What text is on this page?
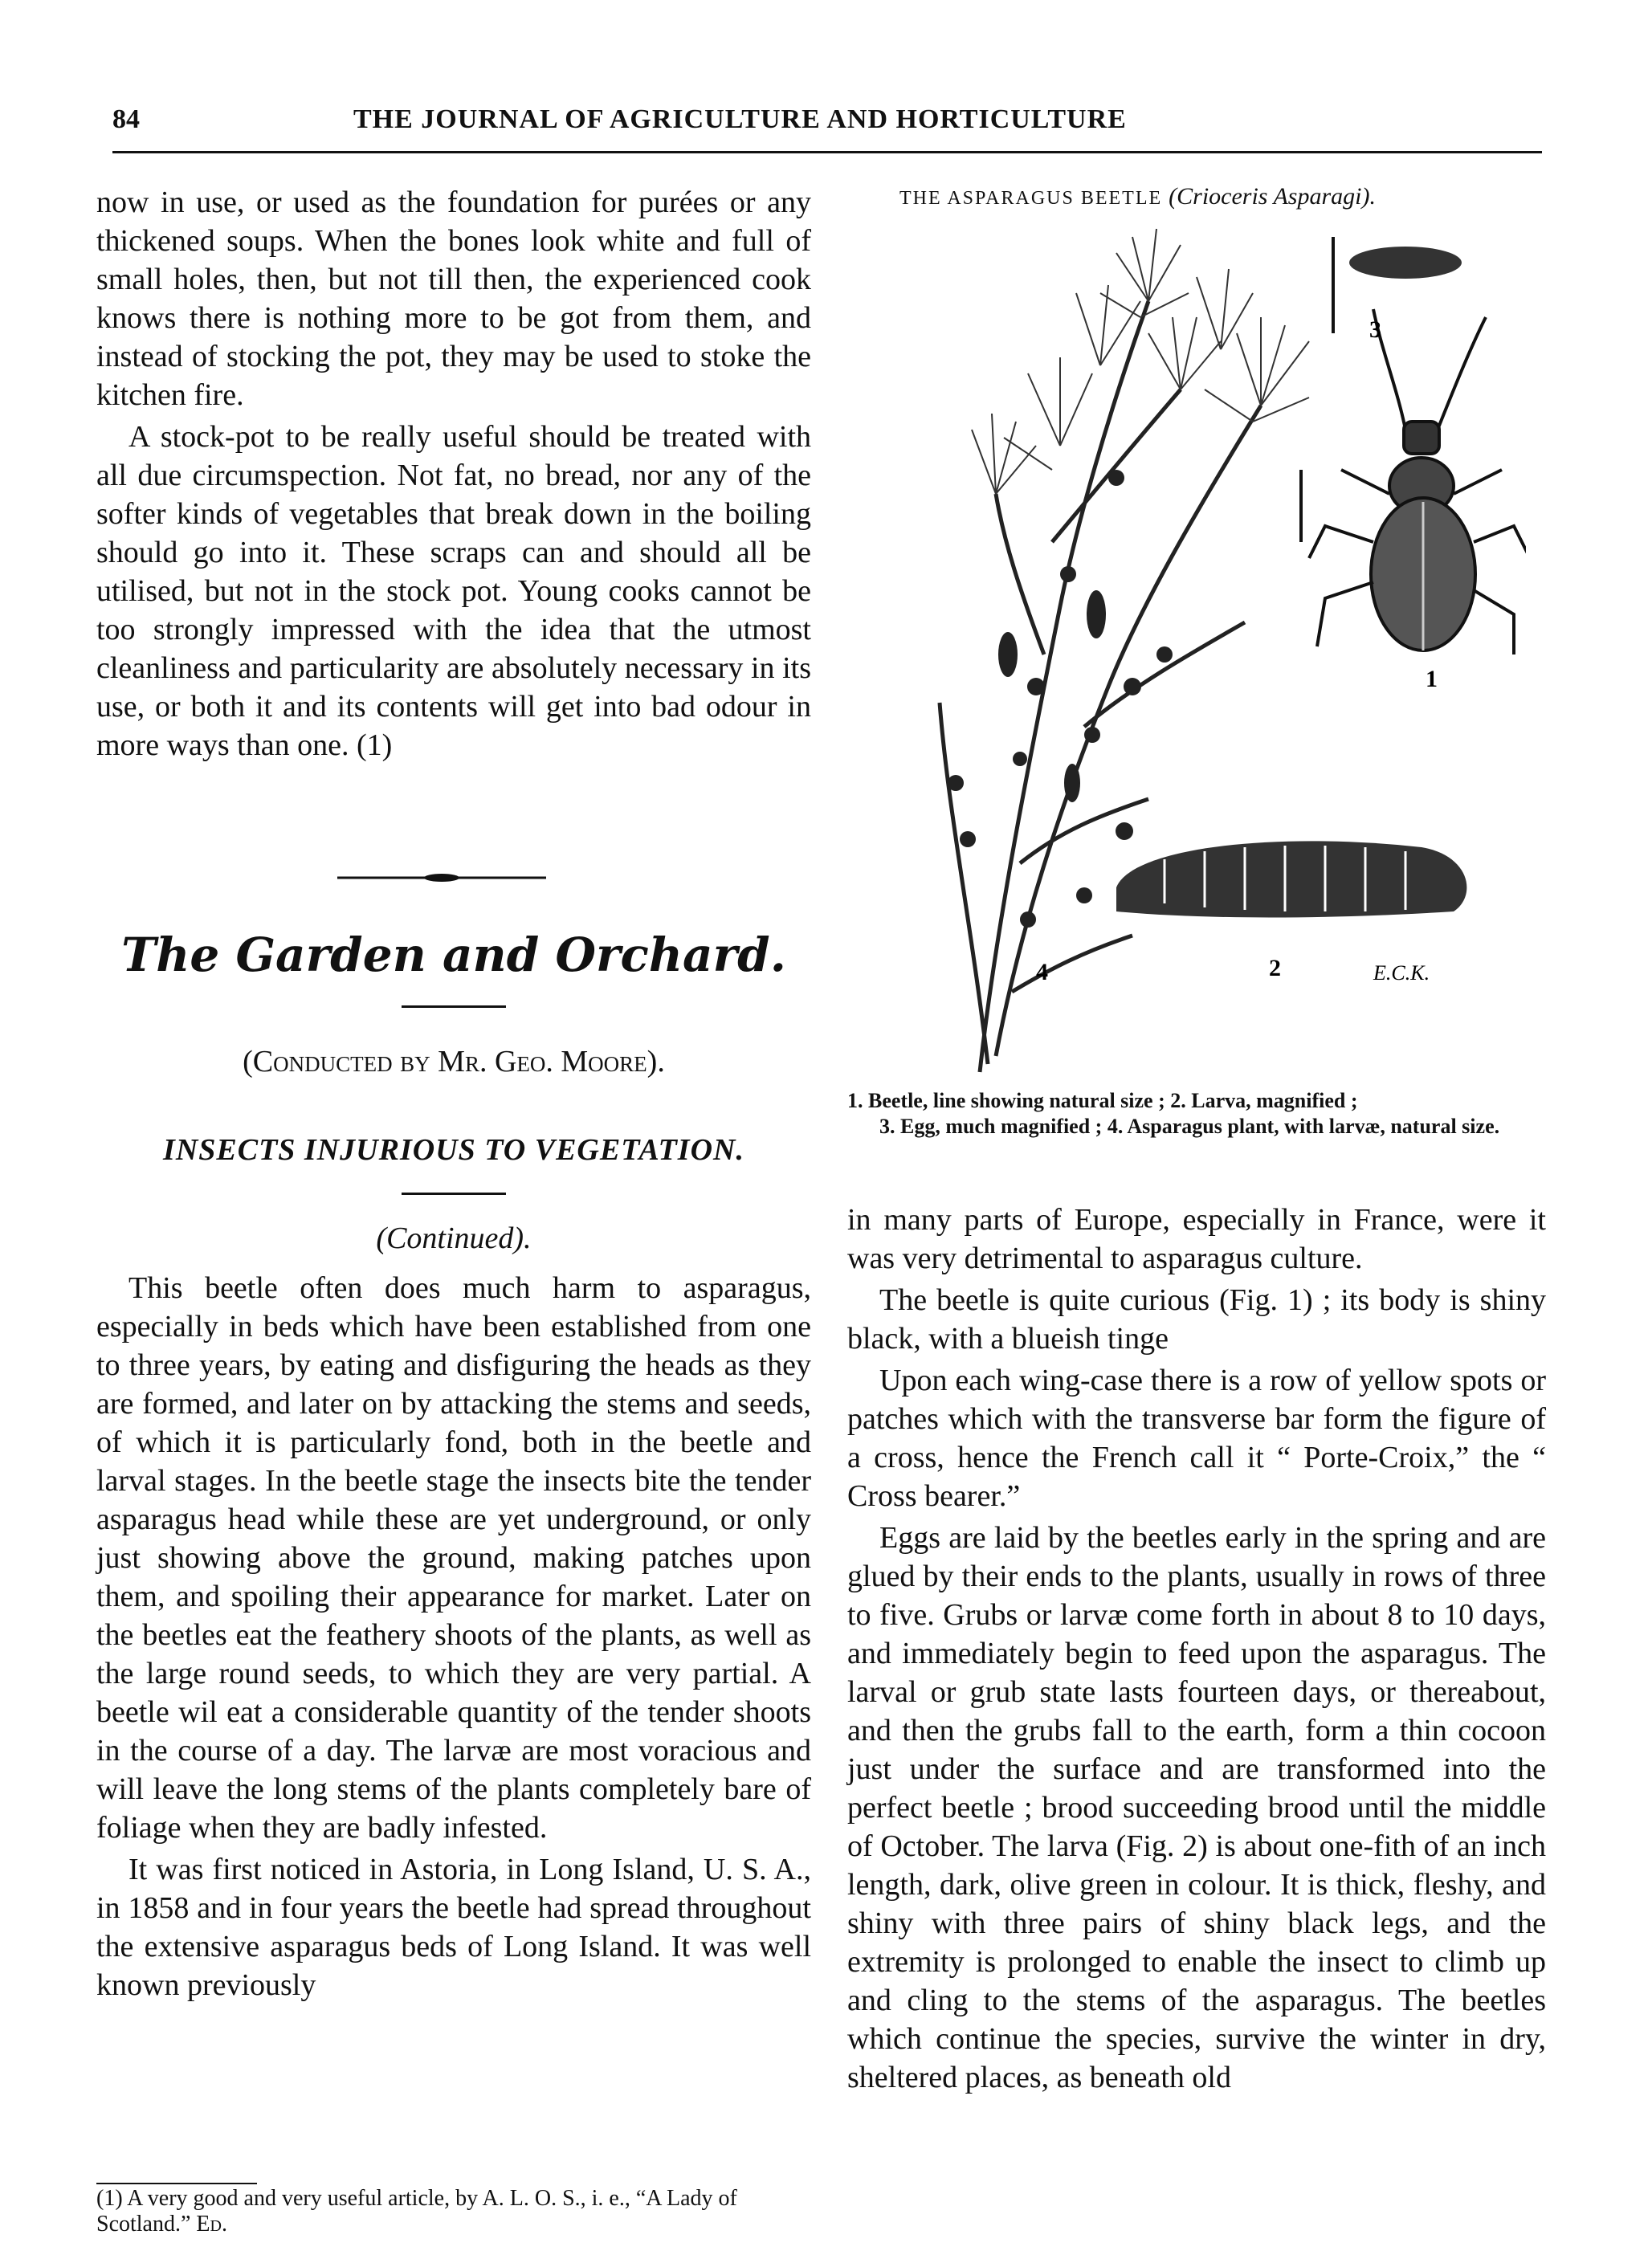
84	THE JOURNAL OF AGRICULTURE AND HORTICULTURE

now in use, or used as the foundation for purées or any thickened soups. When the bones look white and full of small holes, then, but not till then, the experienced cook knows there is nothing more to be got from them, and instead of stocking the pot, they may be used to stoke the kitchen fire.

A stock-pot to be really useful should be treated with all due circumspection. Not fat, no bread, nor any of the softer kinds of vegetables that break down in the boiling should go into it. These scraps can and should all be utilised, but not in the stock pot. Young cooks cannot be too strongly impressed with the idea that the utmost cleanliness and particularity are absolutely necessary in its use, or both it and its contents will get into bad odour in more ways than one. (1)

The Garden and Orchard.
(Conducted by Mr. Geo. Moore).
INSECTS INJURIOUS TO VEGETATION.
(Continued).

This beetle often does much harm to asparagus, especially in beds which have been established from one to three years, by eating and disfiguring the heads as they are formed, and later on by attacking the stems and seeds, of which it is particularly fond, both in the beetle and larval stages. In the beetle stage the insects bite the tender asparagus head while these are yet underground, or only just showing above the ground, making patches upon them, and spoiling their appearance for market. Later on the beetles eat the feathery shoots of the plants, as well as the large round seeds, to which they are very partial. A beetle wil eat a considerable quantity of the tender shoots in the course of a day. The larvæ are most voracious and will leave the long stems of the plants completely bare of foliage when they are badly infested.

It was first noticed in Astoria, in Long Island, U. S. A., in 1858 and in four years the beetle had spread throughout the extensive asparagus beds of Long Island. It was well known previously

(1) A very good and very useful article, by A. L. O. S., i. e., “A Lady of Scotland.” Ed.
THE ASPARAGUS BEETLE (Crioceris Asparagi).
3
1
2
4	E.C.K.
1. Beetle, line showing natural size ; 2. Larva, magnified ;
3. Egg, much magnified ; 4. Asparagus plant, with larvæ, natural size.

in many parts of Europe, especially in France, were it was very detrimental to asparagus culture.

The beetle is quite curious (Fig. 1) ; its body is shiny black, with a blueish tinge

Upon each wing-case there is a row of yellow spots or patches which with the transverse bar form the figure of a cross, hence the French call it “ Porte-Croix,” the “ Cross bearer.”

Eggs are laid by the beetles early in the spring and are glued by their ends to the plants, usually in rows of three to five. Grubs or larvæ come forth in about 8 to 10 days, and immediately begin to feed upon the asparagus. The larval or grub state lasts fourteen days, or thereabout, and then the grubs fall to the earth, form a thin cocoon just under the surface and are transformed into the perfect beetle ; brood succeeding brood until the middle of October. The larva (Fig. 2) is about one-fith of an inch length, dark, olive green in colour. It is thick, fleshy, and shiny with three pairs of shiny black legs, and the extremity is prolonged to enable the insect to climb up and cling to the stems of the asparagus. The beetles which continue the species, survive the winter in dry, sheltered places, as beneath old
